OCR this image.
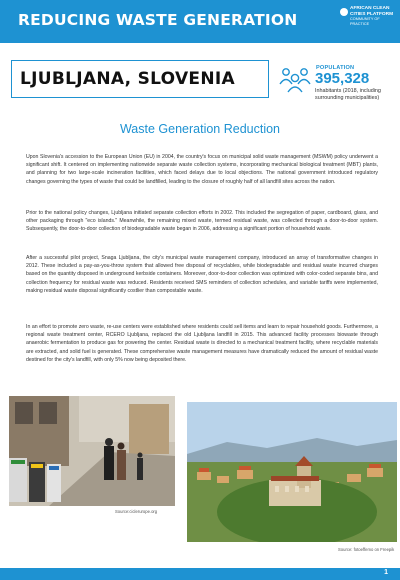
REDUCING WASTE GENERATION
AFRICAN CLEAN
CITIES PLATFORM
COMMUNITY OF PRACTICE
LJUBLJANA, SLOVENIA
POPULATION
395,328
Inhabitants (2018, including surrounding municipalities)
Waste Generation Reduction

Upon Slovenia's accession to the European Union (EU) in 2004, the country's focus on municipal solid waste management (MSWM) policy underwent a significant shift. It centered on implementing nationwide separate waste collection systems, incorporating mechanical biological treatment (MBT) plants, and planning for two large-scale incineration facilities, which faced delays due to local objections. The national government introduced regulatory changes governing the types of waste that could be landfilled, leading to the closure of roughly half of all landfill sites across the nation.

Prior to the national policy changes, Ljubljana initiated separate collection efforts in 2002. This included the segregation of paper, cardboard, glass, and other packaging through "eco islands." Meanwhile, the remaining mixed waste, termed residual waste, was collected through a door-to-door system. Subsequently, the door-to-door collection of biodegradable waste began in 2006, addressing a significant portion of household waste.

After a successful pilot project, Snaga Ljubljana, the city's municipal waste management company, introduced an array of transformative changes in 2012. These included a pay-as-you-throw system that allowed free disposal of recyclables, while biodegradable and residual waste incurred charges based on the quantity disposed in underground kerbside containers. Moreover, door-to-door collection was optimized with color-coded separate bins, and collection frequency for residual waste was reduced. Residents received SMS reminders of collection schedules, and variable tariffs were implemented, making residual waste disposal significantly costlier than compostable waste.

In an effort to promote zero waste, re-use centers were established where residents could sell items and learn to repair household goods. Furthermore, a regional waste treatment center, RCERO Ljubljana, replaced the old Ljubljana landfill in 2015. This advanced facility processes biowaste through anaerobic fermentation to produce gas for powering the center. Residual waste is directed to a mechanical treatment facility, where recyclable materials are extracted, and solid fuel is generated. These comprehensive waste management measures have dramatically reduced the amount of residual waste destined for the city's landfill, with only 5% now being deposited there.

Source:ciclerurope.org
Source: fotoeffemo on Freepik
1
